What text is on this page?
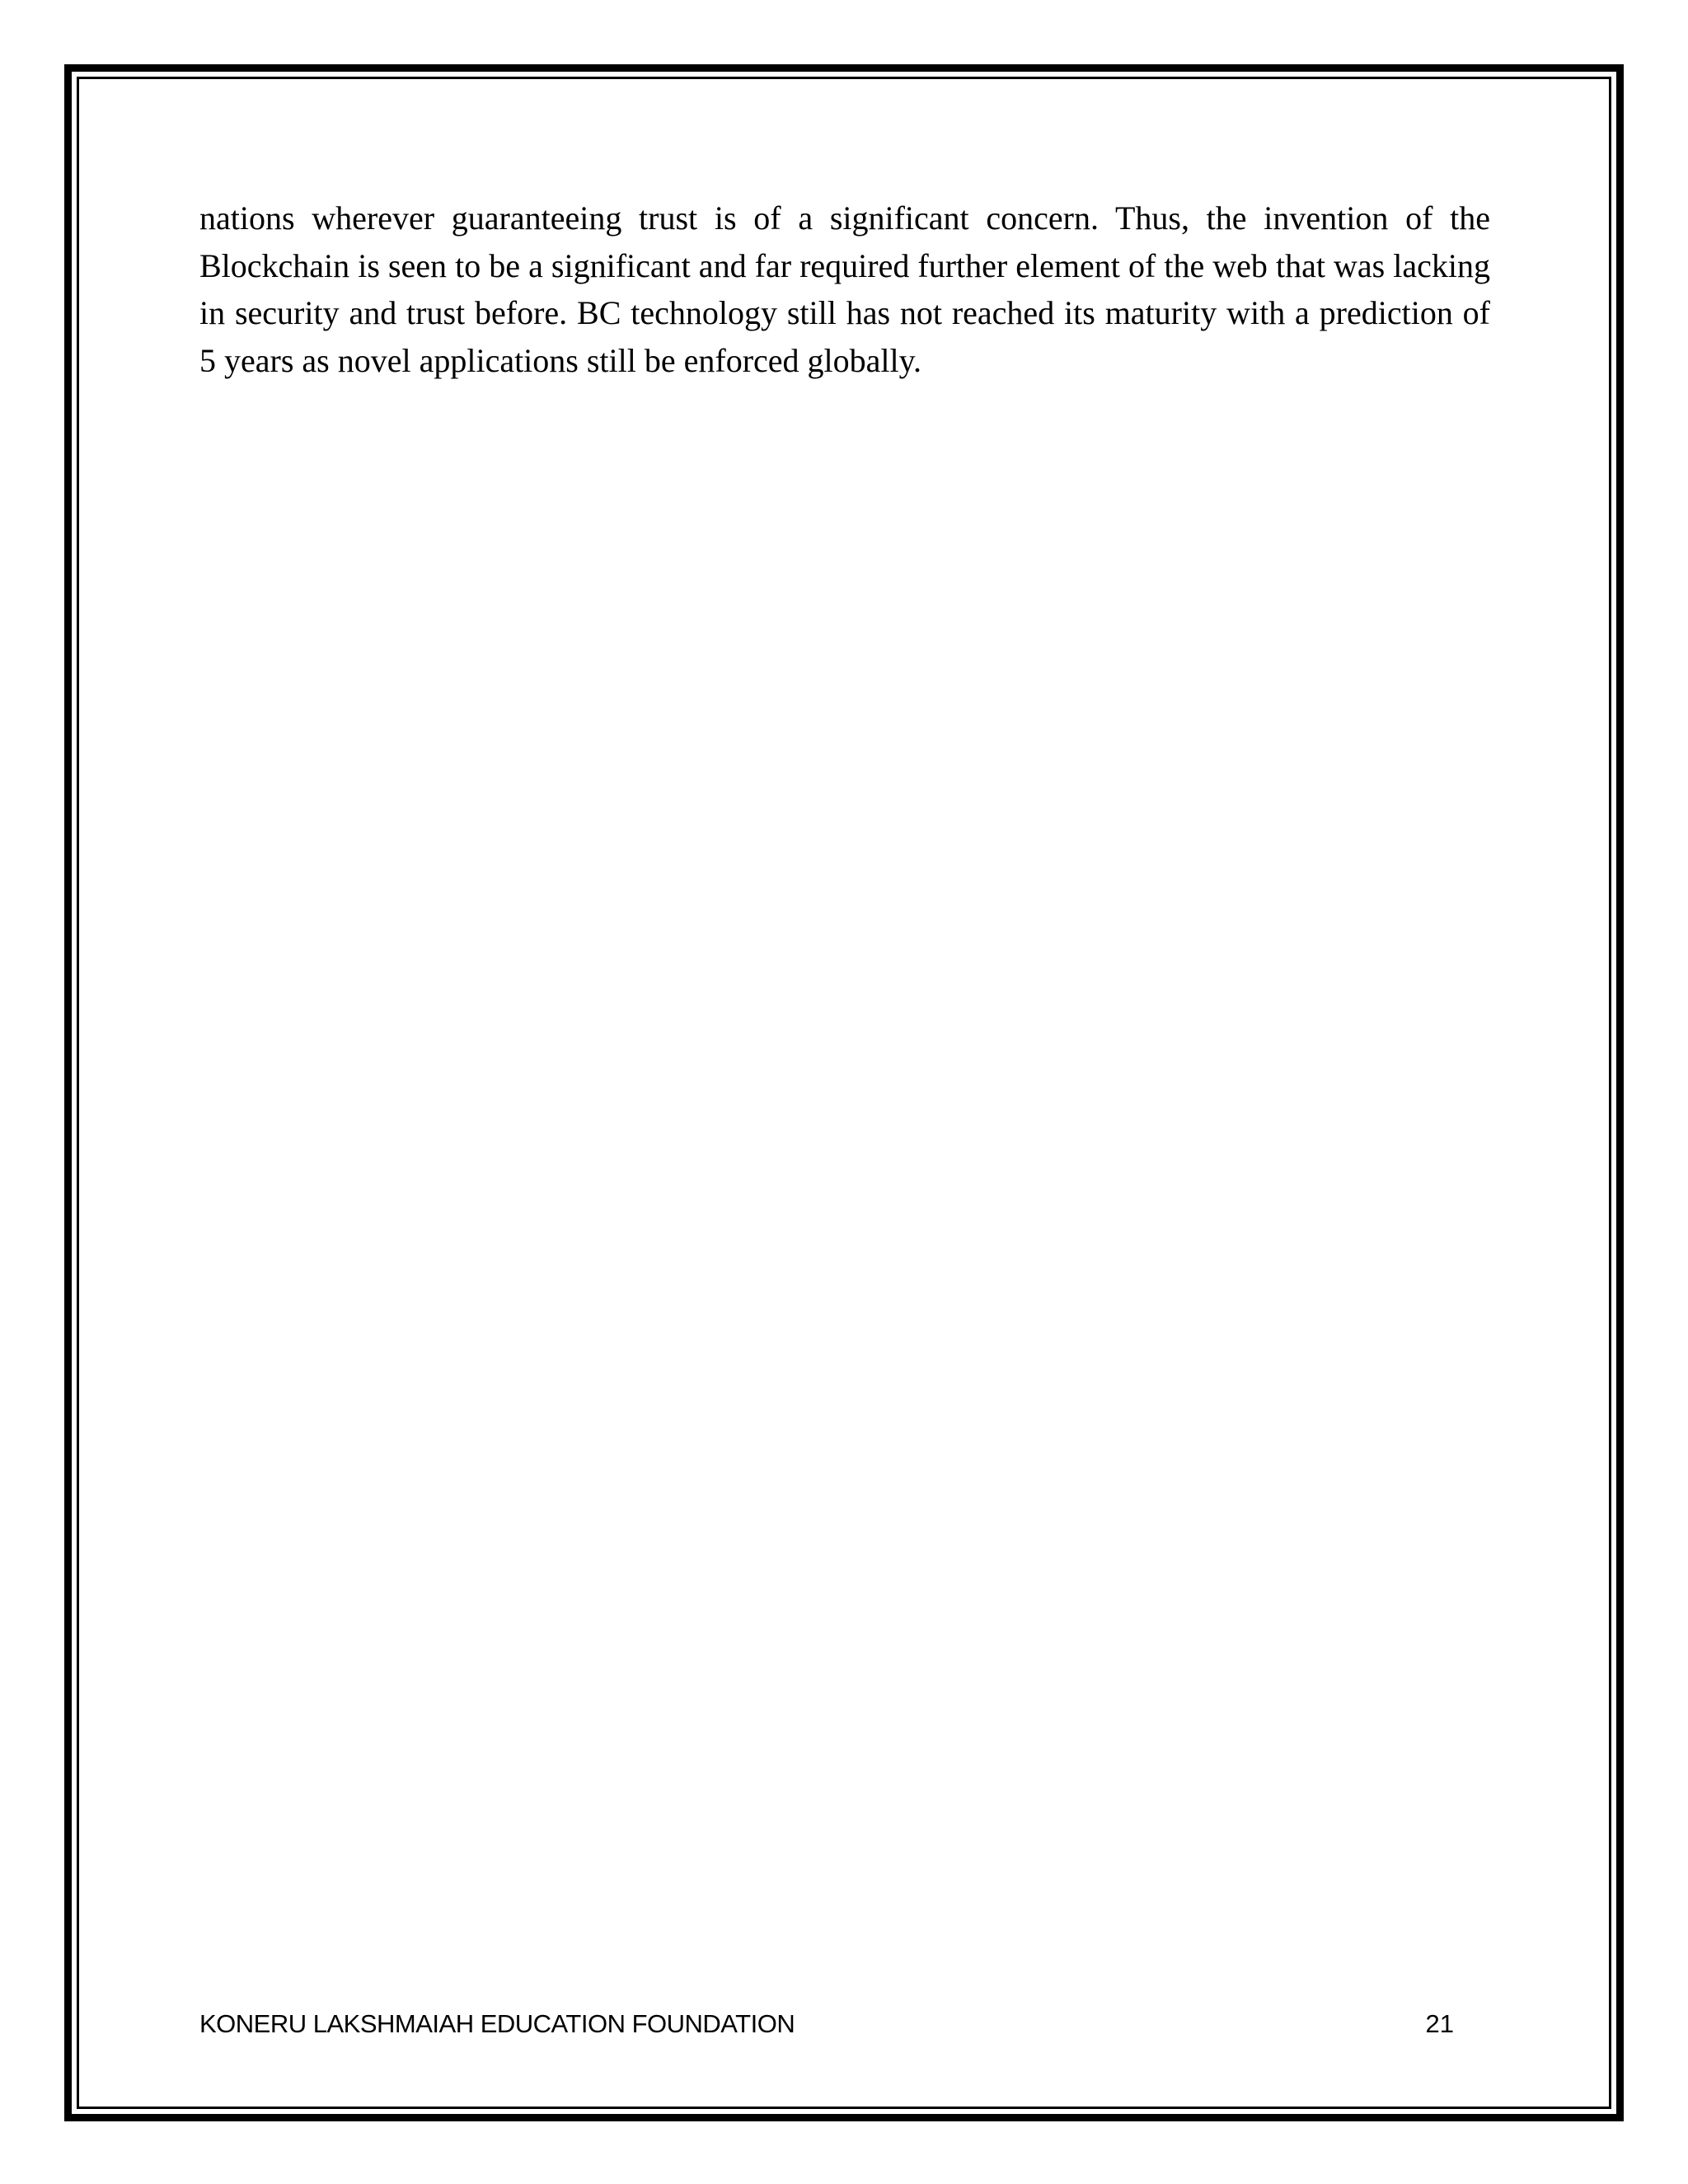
nations wherever guaranteeing trust is of a significant concern. Thus, the invention of the Blockchain is seen to be a significant and far required further element of the web that was lacking in security and trust before. BC technology still has not reached its maturity with a prediction of 5 years as novel applications still be enforced globally.

KONERU LAKSHMAIAH EDUCATION FOUNDATION	21
